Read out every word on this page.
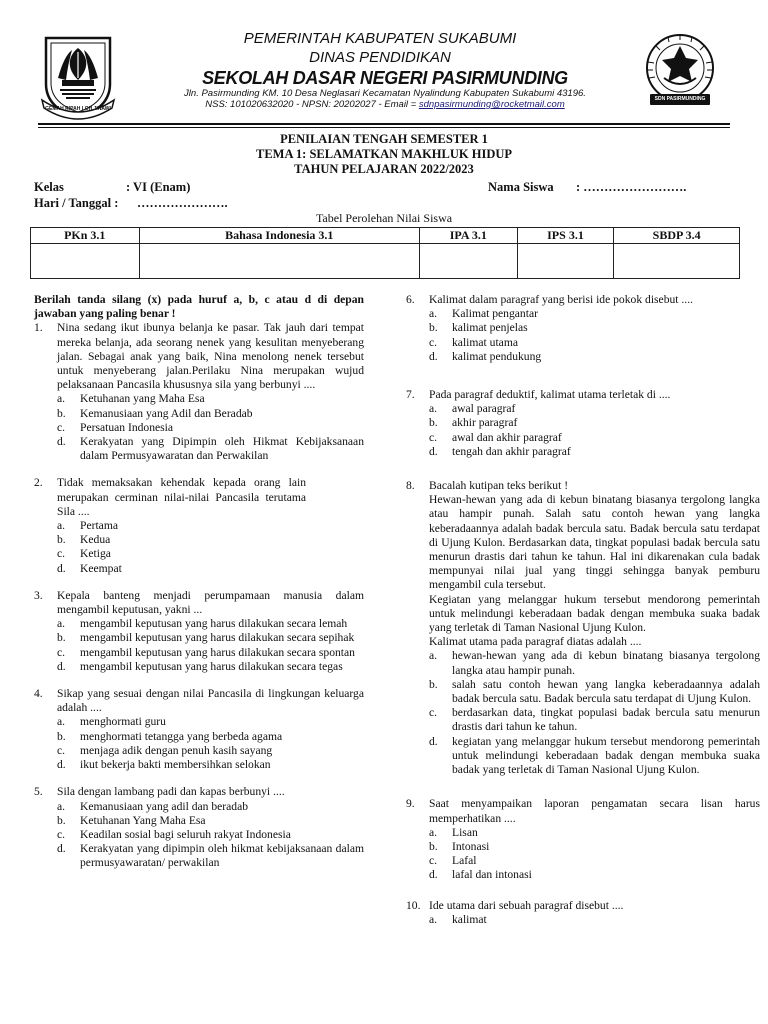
GEMAH RIPAH LOH JINAWI
PEMERINTAH KABUPATEN SUKABUMI
DINAS PENDIDIKAN
SEKOLAH DASAR NEGERI PASIRMUNDING
Jln. Pasirmunding KM. 10 Desa Neglasari Kecamatan Nyalindung Kabupaten Sukabumi 43196.
NSS: 101020632020 - NPSN: 20202027 - Email = sdnpasirmunding@rocketmail.com	SDN PASIRMUNDING
PENILAIAN TENGAH SEMESTER 1
TEMA 1: SELAMATKAN MAKHLUK HIDUP
TAHUN PELAJARAN 2022/2023
Kelas	: VI (Enam)	Nama Siswa : …………………….
Hari / Tanggal : ………………….
Tabel Perolehan Nilai Siswa
PKn 3.1	Bahasa Indonesia 3.1	IPA 3.1	IPS 3.1	SBDP 3.4

Berilah tanda silang (x) pada huruf a, b, c atau d di depan jawaban yang paling benar !
1. Nina sedang ikut ibunya belanja ke pasar. Tak jauh dari tempat mereka belanja, ada seorang nenek yang kesulitan menyeberang jalan. Sebagai anak yang baik, Nina menolong nenek tersebut untuk menyeberang jalan.Perilaku Nina merupakan wujud pelaksanaan Pancasila khususnya sila yang berbunyi ....
a. Ketuhanan yang Maha Esa
b. Kemanusiaan yang Adil dan Beradab
c. Persatuan Indonesia
d. Kerakyatan yang Dipimpin oleh Hikmat Kebijaksanaan dalam Permusyawaratan dan Perwakilan
2. Tidak memaksakan kehendak kepada orang lain merupakan cerminan nilai-nilai Pancasila terutama Sila ....
a. Pertama
b. Kedua
c. Ketiga
d. Keempat
3. Kepala banteng menjadi perumpamaan manusia dalam mengambil keputusan, yakni ...
a. mengambil keputusan yang harus dilakukan secara lemah
b. mengambil keputusan yang harus dilakukan secara sepihak
c. mengambil keputusan yang harus dilakukan secara spontan
d. mengambil keputusan yang harus dilakukan secara tegas
4. Sikap yang sesuai dengan nilai Pancasila di lingkungan keluarga adalah ....
a. menghormati guru
b. menghormati tetangga yang berbeda agama
c. menjaga adik dengan penuh kasih sayang
d. ikut bekerja bakti membersihkan selokan
5. Sila dengan lambang padi dan kapas berbunyi ....
a. Kemanusiaan yang adil dan beradab
b. Ketuhanan Yang Maha Esa
c. Keadilan sosial bagi seluruh rakyat Indonesia
d. Kerakyatan yang dipimpin oleh hikmat kebijaksanaan dalam permusyawaratan/ perwakilan
6. Kalimat dalam paragraf yang berisi ide pokok disebut ....
a. Kalimat pengantar
b. kalimat penjelas
c. kalimat utama
d. kalimat pendukung
7. Pada paragraf deduktif, kalimat utama terletak di ....
a. awal paragraf
b. akhir paragraf
c. awal dan akhir paragraf
d. tengah dan akhir paragraf
8. Bacalah kutipan teks berikut !
Hewan-hewan yang ada di kebun binatang biasanya tergolong langka atau hampir punah. Salah satu contoh hewan yang langka keberadaannya adalah badak bercula satu. Badak bercula satu terdapat di Ujung Kulon. Berdasarkan data, tingkat populasi badak bercula satu menurun drastis dari tahun ke tahun. Hal ini dikarenakan cula badak mempunyai nilai jual yang tinggi sehingga banyak pemburu mengambil cula tersebut.
Kegiatan yang melanggar hukum tersebut mendorong pemerintah untuk melindungi keberadaan badak dengan membuka suaka badak yang terletak di Taman Nasional Ujung Kulon.
Kalimat utama pada paragraf diatas adalah ....
a. hewan-hewan yang ada di kebun binatang biasanya tergolong langka atau hampir punah.
b. salah satu contoh hewan yang langka keberadaannya adalah badak bercula satu. Badak bercula satu terdapat di Ujung Kulon.
c. berdasarkan data, tingkat populasi badak bercula satu menurun drastis dari tahun ke tahun.
d. kegiatan yang melanggar hukum tersebut mendorong pemerintah untuk melindungi keberadaan badak dengan membuka suaka badak yang terletak di Taman Nasional Ujung Kulon.
9. Saat menyampaikan laporan pengamatan secara lisan harus memperhatikan ....
a. Lisan
b. Intonasi
c. Lafal
d. lafal dan intonasi
10. Ide utama dari sebuah paragraf disebut ....
a. kalimat
